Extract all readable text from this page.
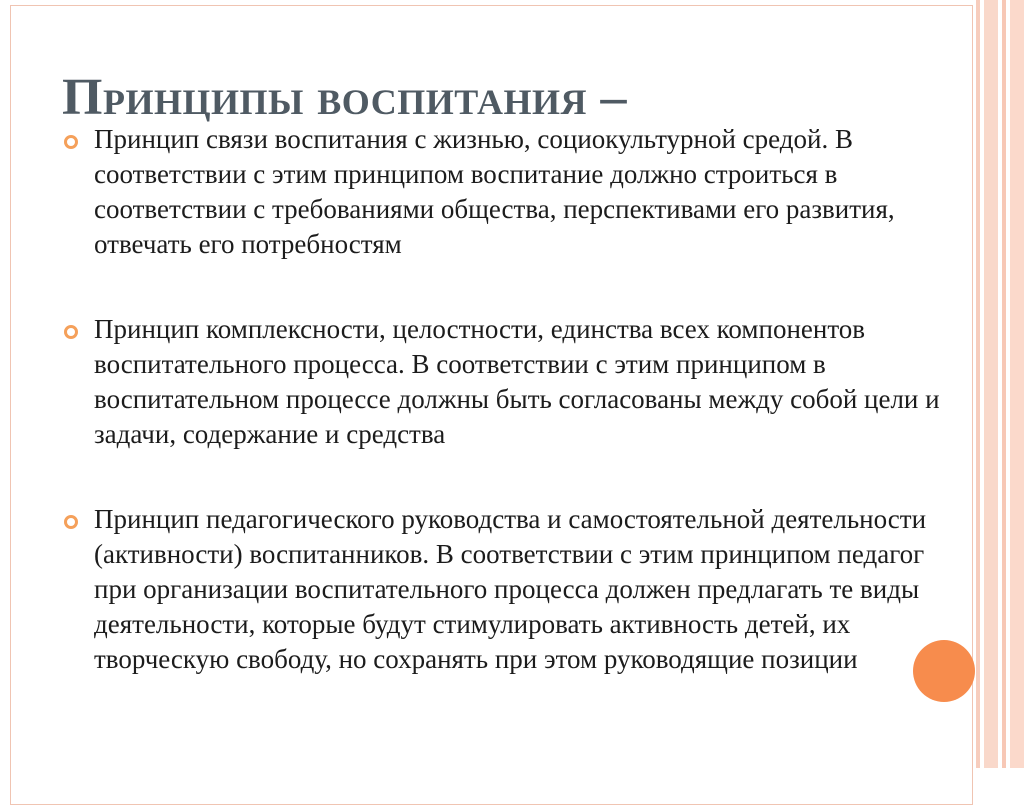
Принципы воспитания –
Принцип связи воспитания с жизнью, социокультурной средой. В соответствии с этим принципом воспитание должно строиться в соответствии с требованиями общества, перспективами его развития, отвечать его потребностям
Принцип комплексности, целостности, единства всех компонентов воспитательного процесса. В соответствии с этим принципом в воспитательном процессе должны быть согласованы между собой цели и задачи, содержание и средства
Принцип педагогического руководства и самостоятельной деятельности (активности) воспитанников. В соответствии с этим принципом педагог при организации воспитательного процесса должен предлагать те виды деятельности, которые будут стимулировать активность детей, их творческую свободу, но сохранять при этом руководящие позиции
